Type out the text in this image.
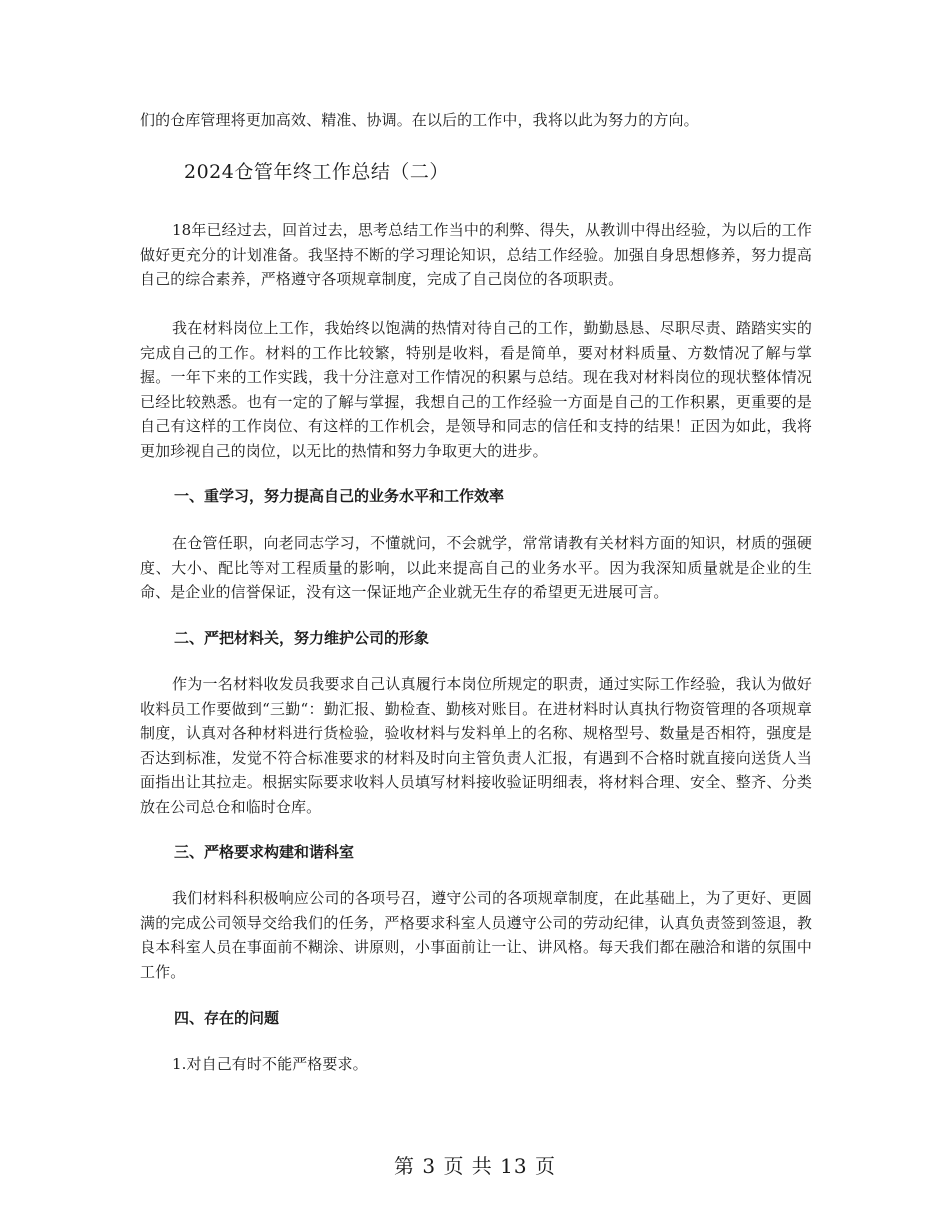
们的仓库管理将更加高效、精准、协调。在以后的工作中，我将以此为努力的方向。
2024仓管年终工作总结（二）
18年已经过去，回首过去，思考总结工作当中的利弊、得失，从教训中得出经验，为以后的工作做好更充分的计划准备。我坚持不断的学习理论知识，总结工作经验。加强自身思想修养，努力提高自己的综合素养，严格遵守各项规章制度，完成了自己岗位的各项职责。
我在材料岗位上工作，我始终以饱满的热情对待自己的工作，勤勤恳恳、尽职尽责、踏踏实实的完成自己的工作。材料的工作比较繁，特别是收料，看是简单，要对材料质量、方数情况了解与掌握。一年下来的工作实践，我十分注意对工作情况的积累与总结。现在我对材料岗位的现状整体情况已经比较熟悉。也有一定的了解与掌握，我想自己的工作经验一方面是自己的工作积累，更重要的是自己有这样的工作岗位、有这样的工作机会，是领导和同志的信任和支持的结果！正因为如此，我将更加珍视自己的岗位，以无比的热情和努力争取更大的进步。
一、重学习，努力提高自己的业务水平和工作效率
在仓管任职，向老同志学习，不懂就问，不会就学，常常请教有关材料方面的知识，材质的强硬度、大小、配比等对工程质量的影响，以此来提高自己的业务水平。因为我深知质量就是企业的生命、是企业的信誉保证，没有这一保证地产企业就无生存的希望更无进展可言。
二、严把材料关，努力维护公司的形象
作为一名材料收发员我要求自己认真履行本岗位所规定的职责，通过实际工作经验，我认为做好收料员工作要做到“三勤“：勤汇报、勤检查、勤核对账目。在进材料时认真执行物资管理的各项规章制度，认真对各种材料进行货检验，验收材料与发料单上的名称、规格型号、数量是否相符，强度是否达到标准，发觉不符合标准要求的材料及时向主管负责人汇报，有遇到不合格时就直接向送货人当面指出让其拉走。根据实际要求收料人员填写材料接收验证明细表，将材料合理、安全、整齐、分类放在公司总仓和临时仓库。
三、严格要求构建和谐科室
我们材料科积极响应公司的各项号召，遵守公司的各项规章制度，在此基础上，为了更好、更圆满的完成公司领导交给我们的任务，严格要求科室人员遵守公司的劳动纪律，认真负责签到签退，教良本科室人员在事面前不糊涂、讲原则，小事面前让一让、讲风格。每天我们都在融洽和谐的氛围中工作。
四、存在的问题
1.对自己有时不能严格要求。
第 3 页 共 13 页
